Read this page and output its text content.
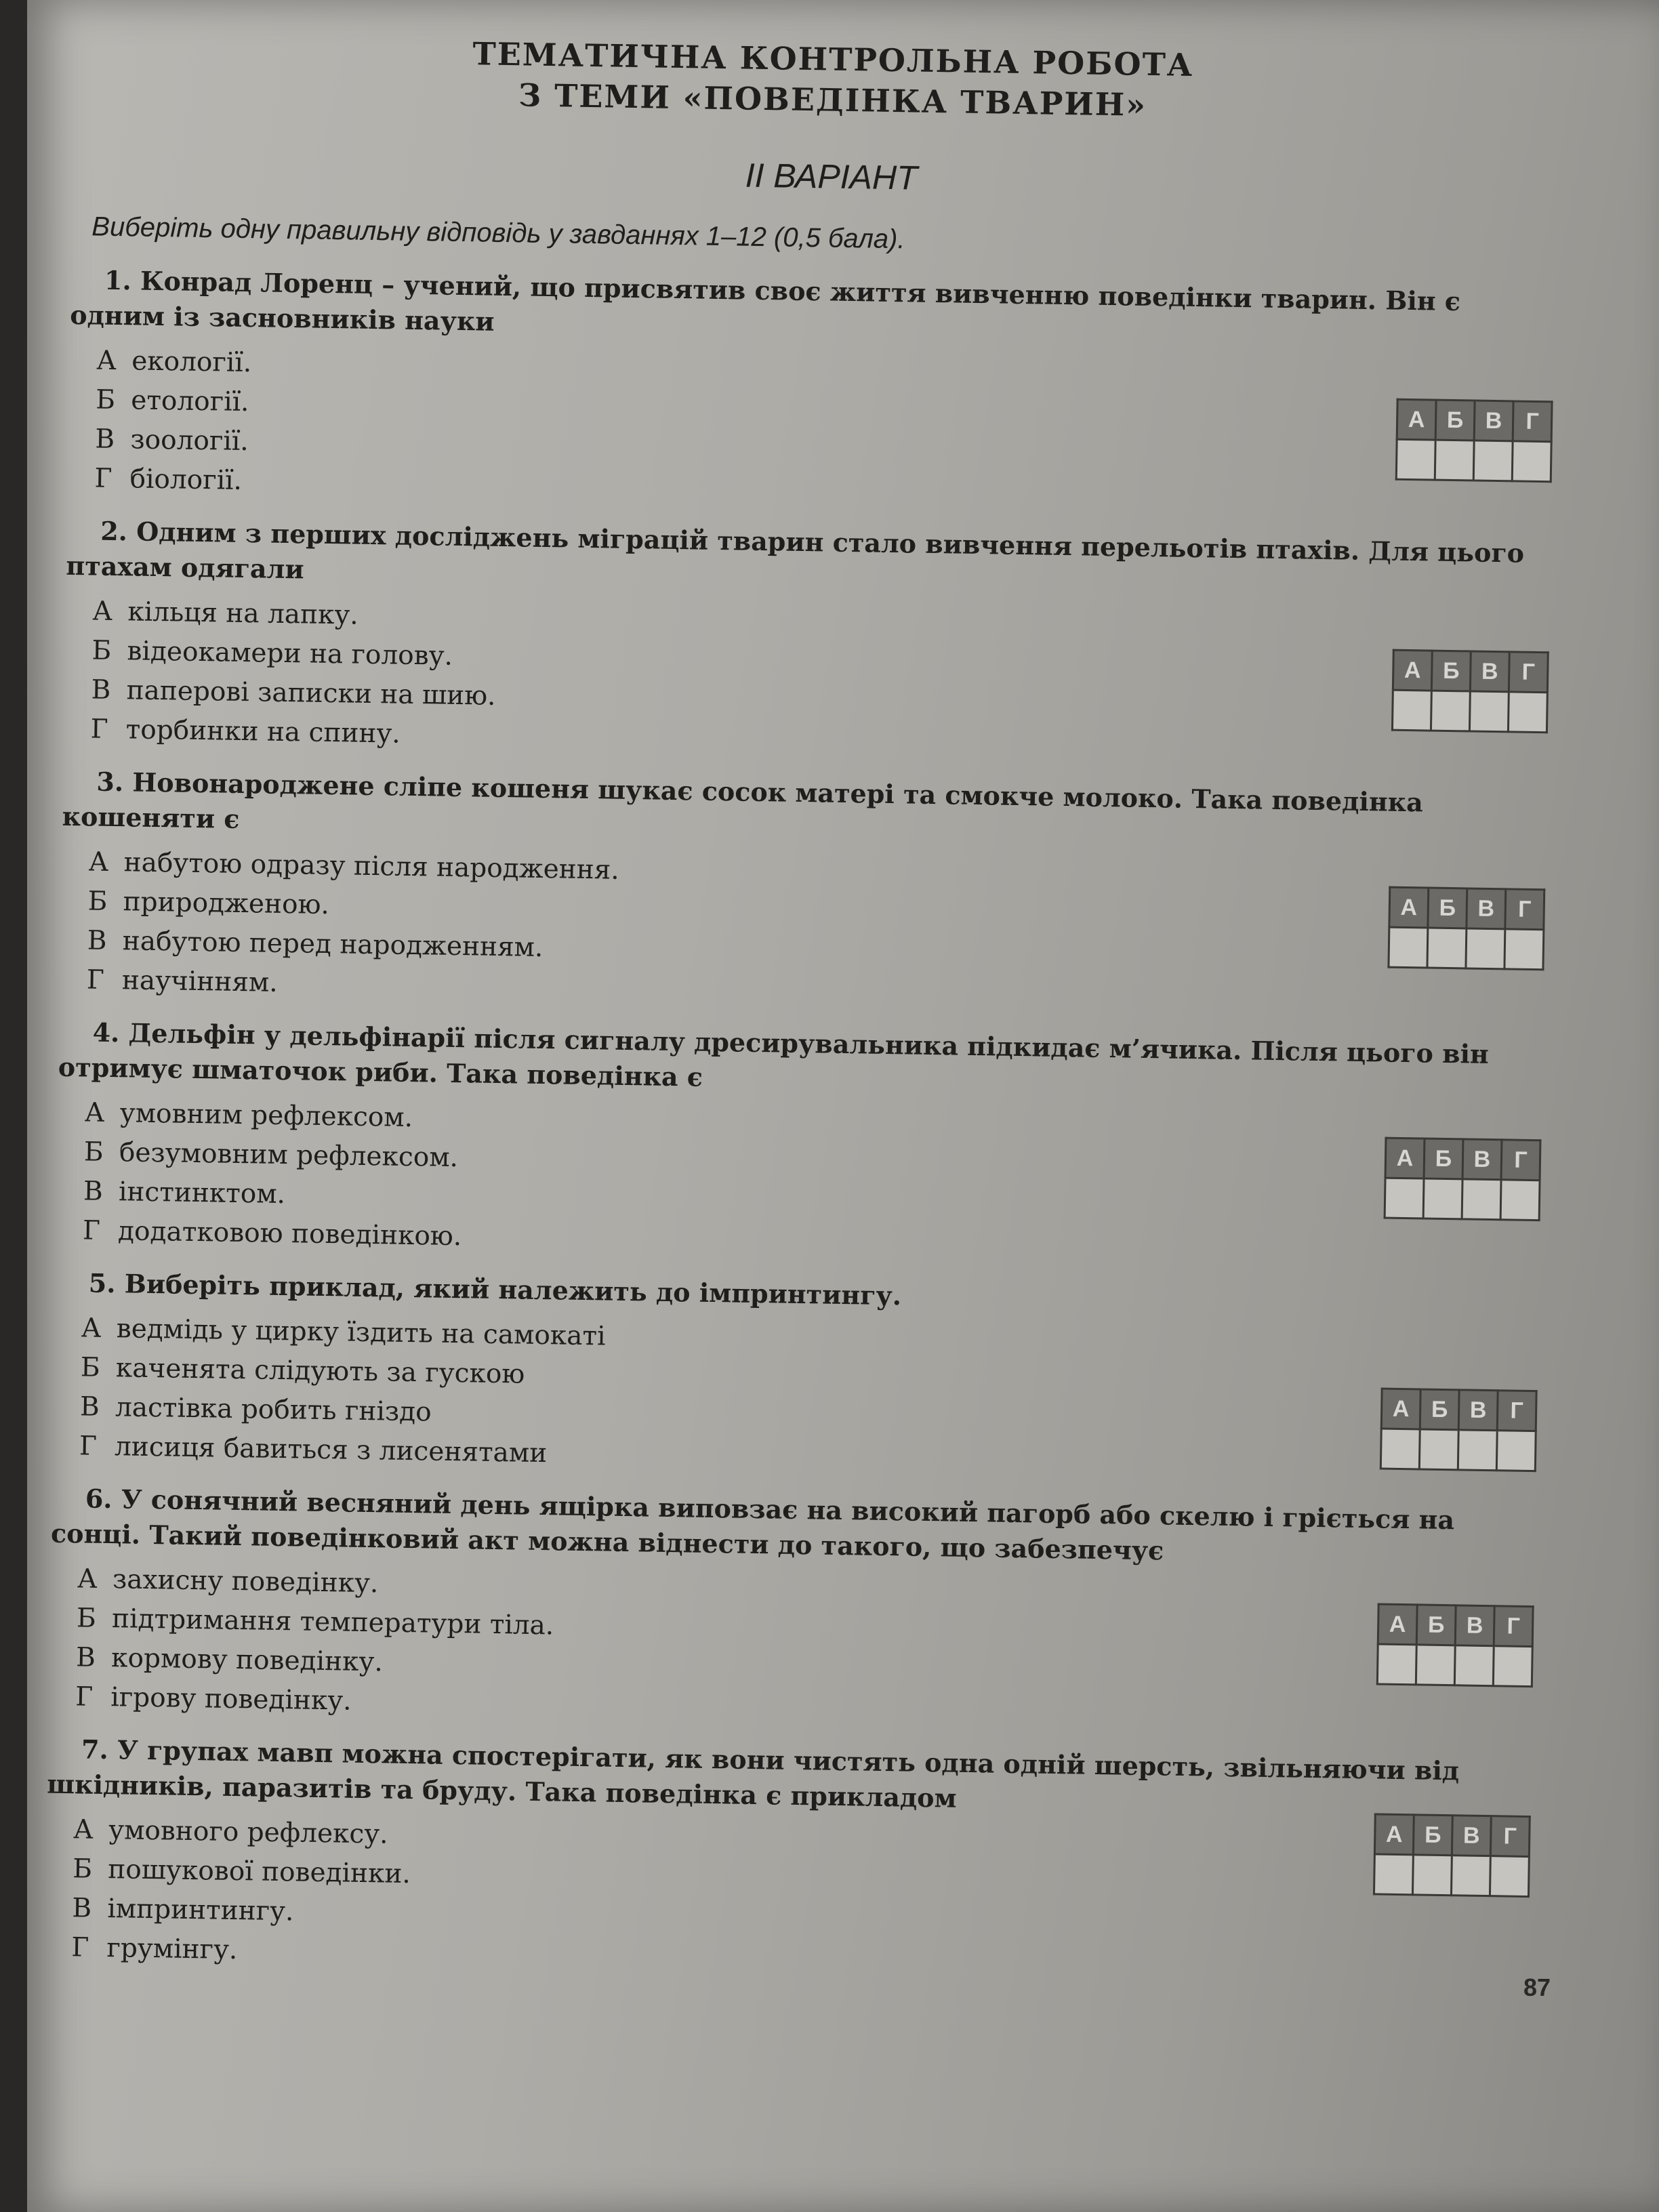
ТЕМАТИЧНА КОНТРОЛЬНА РОБОТА

З ТЕМИ «ПОВЕДІНКА ТВАРИН»

ІІ ВАРІАНТ
Виберіть одну правильну відповідь у завданнях 1–12 (0,5 бала).

1. Конрад Лоренц – учений, що присвятив своє життя вивченню поведінки тварин. Він є одним із засновників науки

А екології.
Б етології.
В зоології.
Г біології.
А	Б	В	Г

2. Одним з перших досліджень міграцій тварин стало вивчення перельотів птахів. Для цього птахам одягали

А кільця на лапку.
Б відеокамери на голову.
В паперові записки на шию.
Г торбинки на спину.
А	Б	В	Г

3. Новонароджене сліпе кошеня шукає сосок матері та смокче молоко. Така поведінка кошеняти є

А набутою одразу після народження.
Б природженою.
В набутою перед народженням.
Г научінням.
А	Б	В	Г

4. Дельфін у дельфінарії після сигналу дресирувальника підкидає м’ячика. Після цього він отримує шматочок риби. Така поведінка є

А умовним рефлексом.
Б безумовним рефлексом.
В інстинктом.
Г додатковою поведінкою.
А	Б	В	Г

5. Виберіть приклад, який належить до імпринтингу.

А ведмідь у цирку їздить на самокаті
Б каченята слідують за гускою
В ластівка робить гніздо
Г лисиця бавиться з лисенятами
А	Б	В	Г

6. У сонячний весняний день ящірка виповзає на високий пагорб або скелю і гріється на сонці. Такий поведінковий акт можна віднести до такого, що забезпечує

А захисну поведінку.
Б підтримання температури тіла.
В кормову поведінку.
Г ігрову поведінку.
А	Б	В	Г

7. У групах мавп можна спостерігати, як вони чистять одна одній шерсть, звільняючи від шкідників, паразитів та бруду. Така поведінка є прикладом

А умовного рефлексу.
Б пошукової поведінки.
В імпринтингу.
Г грумінгу.
А	Б	В	Г

87
